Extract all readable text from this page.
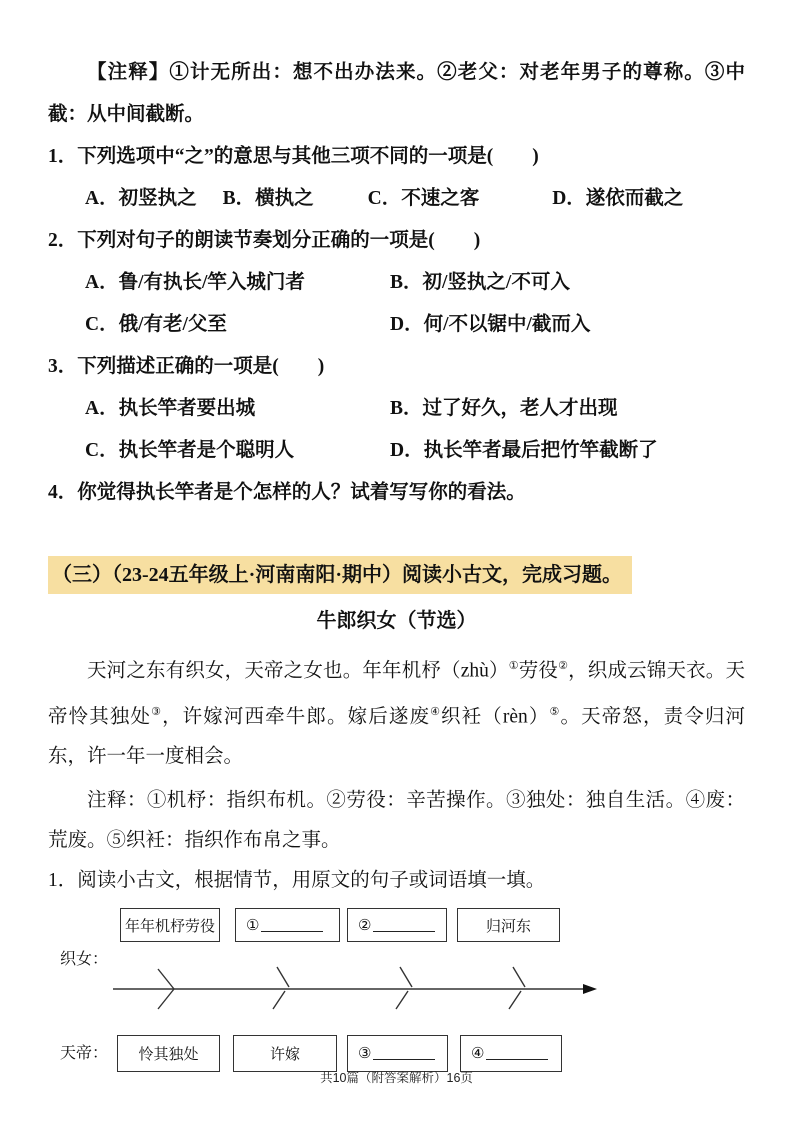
【注释】①计无所出：想不出办法来。②老父：对老年男子的尊称。③中截：从中间截断。

1．下列选项中“之”的意思与其他三项不同的一项是(　　)

A．初竖执之 B．横执之	C．不速之客	D．遂依而截之

2．下列对句子的朗读节奏划分正确的一项是(　　)

A．鲁/有执长/竿入城门者	B．初/竖执之/不可入
C．俄/有老/父至	D．何/不以锯中/截而入

3．下列描述正确的一项是(　　)

A．执长竿者要出城	B．过了好久，老人才出现
C．执长竿者是个聪明人	D．执长竿者最后把竹竿截断了

4．你觉得执长竿者是个怎样的人？试着写写你的看法。

（三）（23-24五年级上·河南南阳·期中）阅读小古文，完成习题。
牛郎织女（节选）

天河之东有织女，天帝之女也。年年机杼（zhù）①劳役②，织成云锦天衣。天帝怜其独处③，许嫁河西牵牛郎。嫁后遂废④织衽（rèn）⑤。天帝怒，责令归河东，许一年一度相会。

注释：①机杼：指织布机。②劳役：辛苦操作。③独处：独自生活。④废：荒废。⑤织衽：指织作布帛之事。

1．阅读小古文，根据情节，用原文的句子或词语填一填。

年年机杼劳役	①	②	归河东
织女：
天帝：	怜其独处	许嫁	③	④
共10篇（附答案解析）16页
